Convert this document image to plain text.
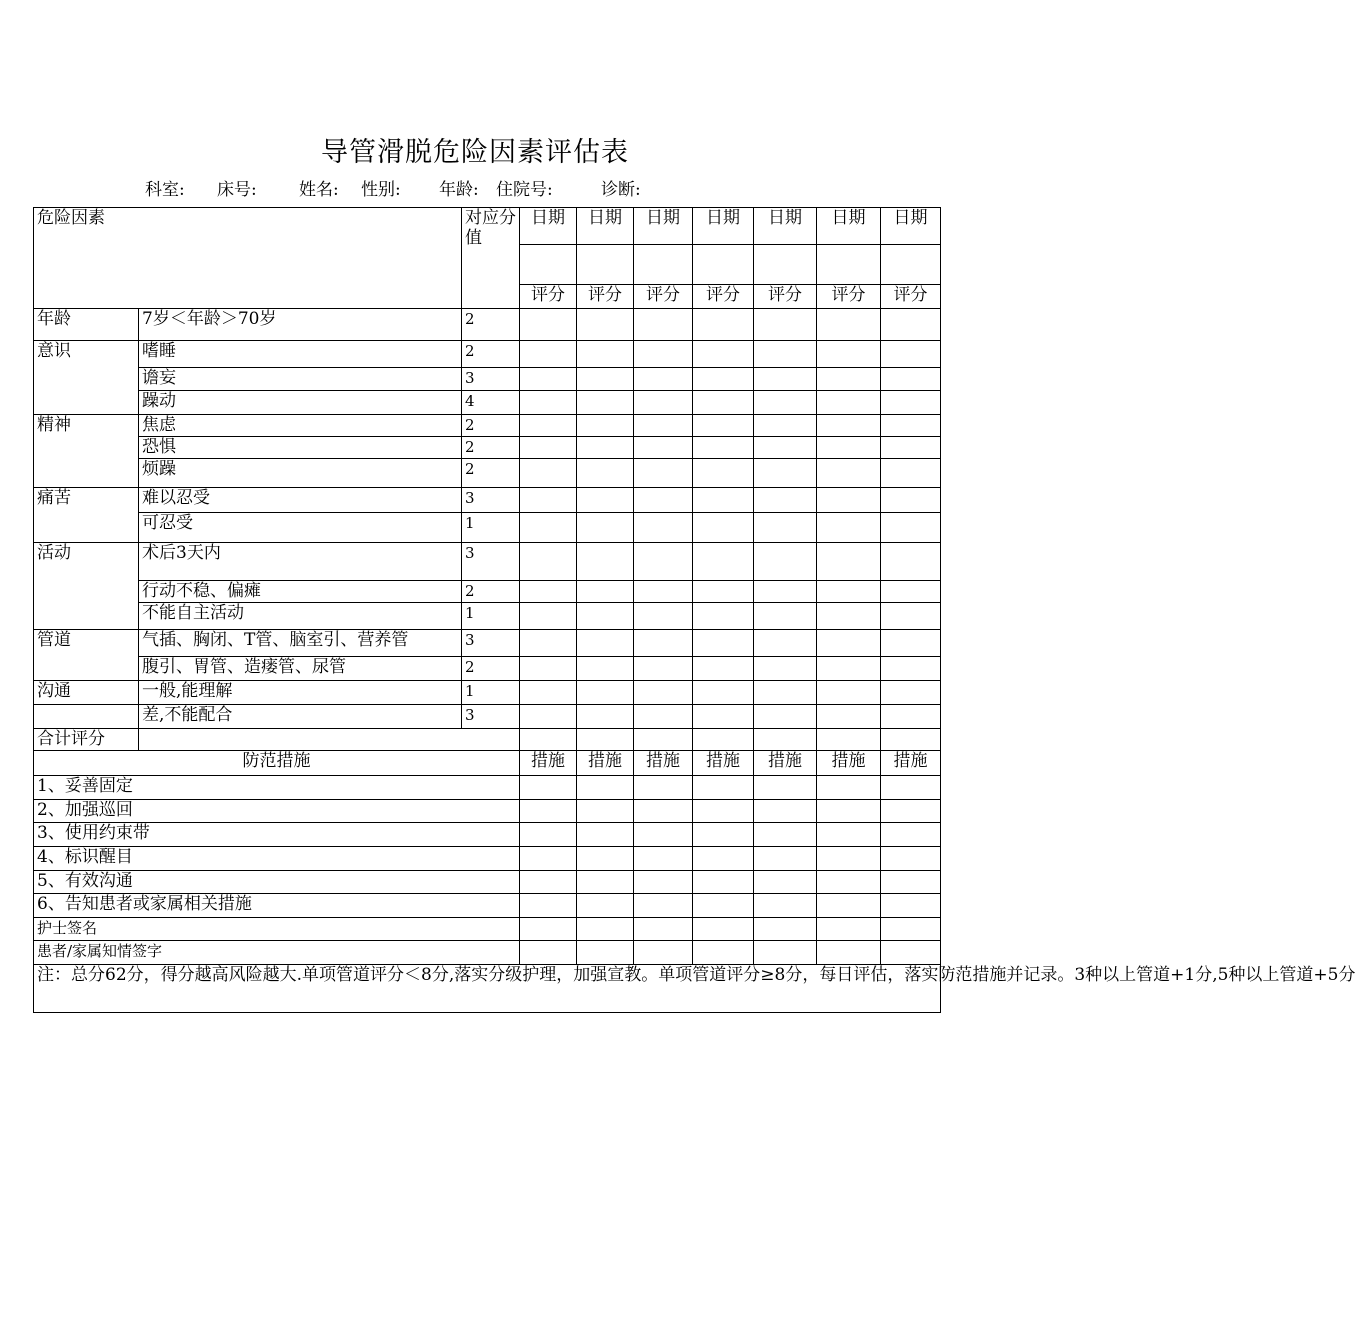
导管滑脱危险因素评估表
科室: 床号: 姓名: 性别: 年龄: 住院号:	诊断:
危险因素		对应分值	日期	日期	日期	日期	日期	日期	日期

			评分	评分	评分	评分	评分	评分	评分
年龄	7岁＜年龄＞70岁	2							
意识	嗜睡	2							
	谵妄	3							
	躁动	4							
精神	焦虑	2							
	恐惧	2							
	烦躁	2							
痛苦	难以忍受	3							
	可忍受	1							
活动	术后3天内	3							
	行动不稳、偏瘫	2							
	不能自主活动	1							
管道	气插、胸闭、T管、脑室引、营养管	3							
	腹引、胃管、造瘘管、尿管	2							
沟通	一般,能理解	1							
	差,不能配合	3							
合计评分									
防范措施			措施	措施	措施	措施	措施	措施	措施
1、妥善固定									
2、加强巡回									
3、使用约束带									
4、标识醒目									
5、有效沟通									
6、告知患者或家属相关措施									
护士签名									
患者/家属知情签字									
注：总分62分，得分越高风险越大.单项管道评分＜8分,落实分级护理，加强宣教。单项管道评分≥8分，每日评估，落实防范措施并记录。3种以上管道+1分,5种以上管道+5分									
